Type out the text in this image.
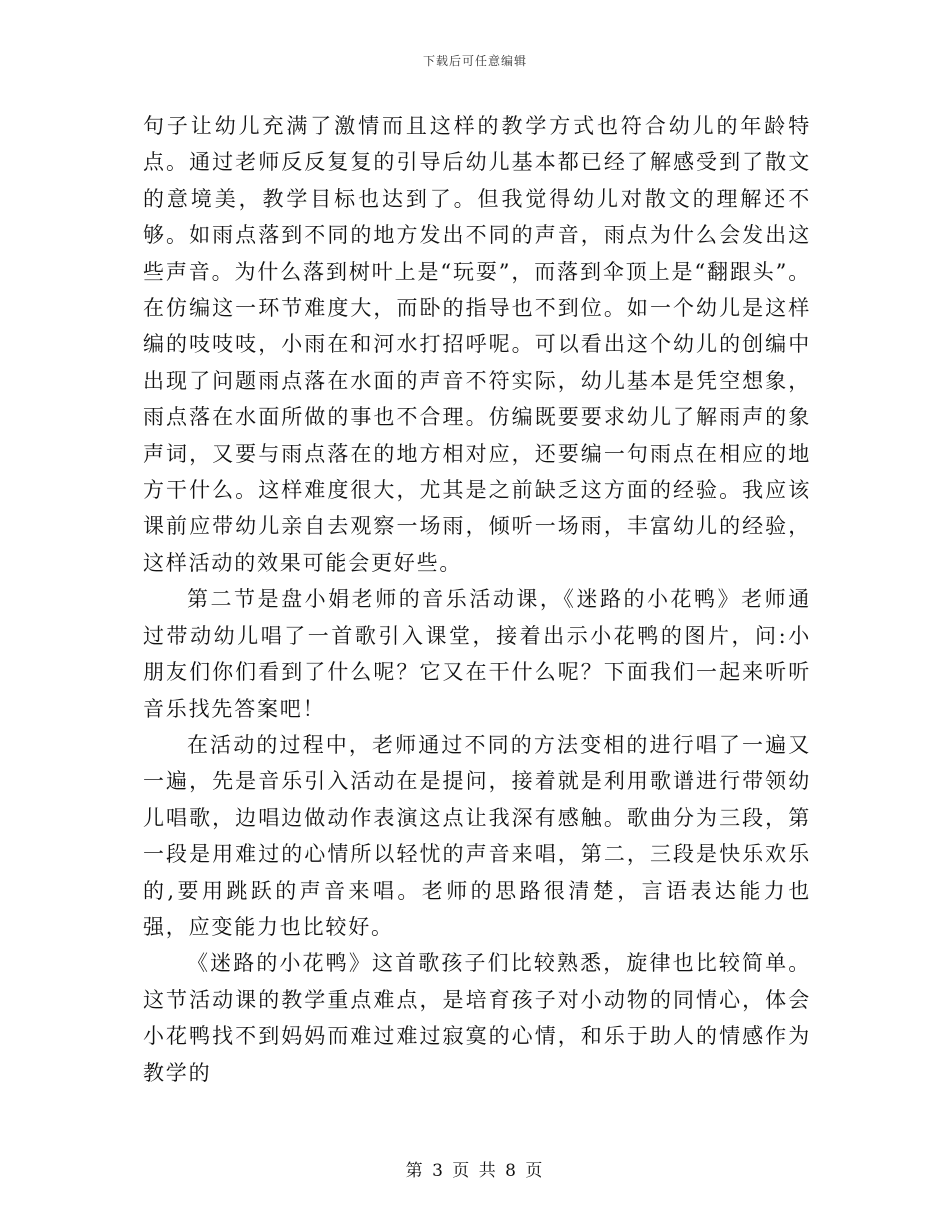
下载后可任意编辑

句子让幼儿充满了激情而且这样的教学方式也符合幼儿的年龄特点。通过老师反反复复的引导后幼儿基本都已经了解感受到了散文的意境美，教学目标也达到了。但我觉得幼儿对散文的理解还不够。如雨点落到不同的地方发出不同的声音，雨点为什么会发出这些声音。为什么落到树叶上是“玩耍”，而落到伞顶上是“翻跟头”。在仿编这一环节难度大，而卧的指导也不到位。如一个幼儿是这样编的吱吱吱，小雨在和河水打招呼呢。可以看出这个幼儿的创编中出现了问题雨点落在水面的声音不符实际，幼儿基本是凭空想象，雨点落在水面所做的事也不合理。仿编既要要求幼儿了解雨声的象声词，又要与雨点落在的地方相对应，还要编一句雨点在相应的地方干什么。这样难度很大，尤其是之前缺乏这方面的经验。我应该课前应带幼儿亲自去观察一场雨，倾听一场雨，丰富幼儿的经验，这样活动的效果可能会更好些。

第二节是盘小娟老师的音乐活动课，《迷路的小花鸭》老师通过带动幼儿唱了一首歌引入课堂，接着出示小花鸭的图片，问:小朋友们你们看到了什么呢？它又在干什么呢？下面我们一起来听听音乐找先答案吧！

在活动的过程中，老师通过不同的方法变相的进行唱了一遍又一遍，先是音乐引入活动在是提问，接着就是利用歌谱进行带领幼儿唱歌，边唱边做动作表演这点让我深有感触。歌曲分为三段，第一段是用难过的心情所以轻忧的声音来唱，第二，三段是快乐欢乐的,要用跳跃的声音来唱。老师的思路很清楚，言语表达能力也强，应变能力也比较好。

《迷路的小花鸭》这首歌孩子们比较熟悉，旋律也比较简单。这节活动课的教学重点难点，是培育孩子对小动物的同情心，体会小花鸭找不到妈妈而难过难过寂寞的心情，和乐于助人的情感作为教学的

第 3 页 共 8 页
